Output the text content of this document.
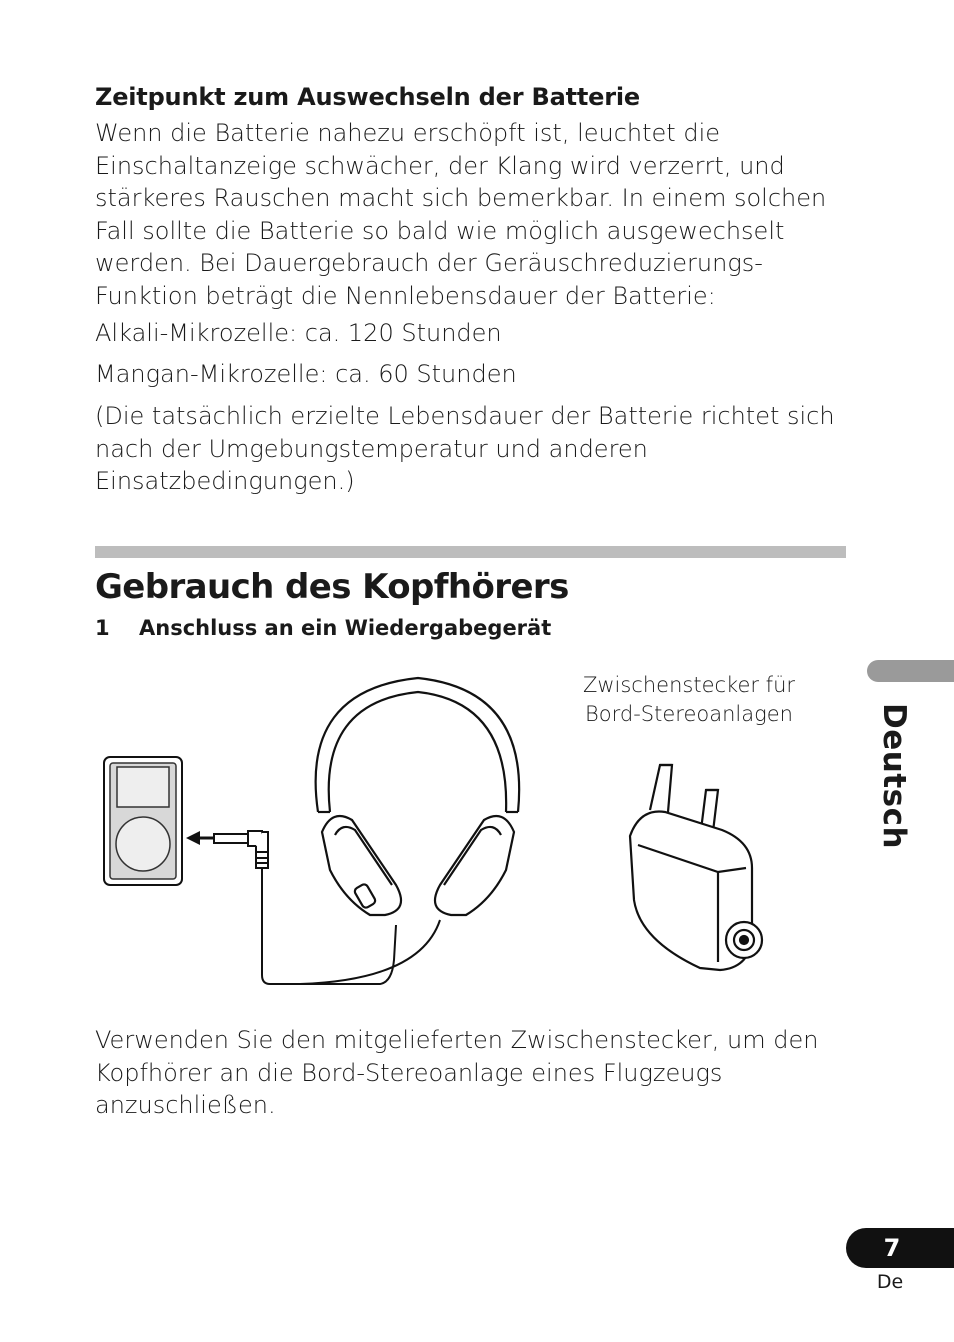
Zeitpunkt zum Auswechseln der Batterie

Wenn die Batterie nahezu erschöpft ist, leuchtet die
Einschaltanzeige schwächer, der Klang wird verzerrt, und
stärkeres Rauschen macht sich bemerkbar. In einem solchen
Fall sollte die Batterie so bald wie möglich ausgewechselt
werden. Bei Dauergebrauch der Geräuschreduzierungs-
Funktion beträgt die Nennlebensdauer der Batterie:

Alkali-Mikrozelle: ca. 120 Stunden

Mangan-Mikrozelle: ca. 60 Stunden

(Die tatsächlich erzielte Lebensdauer der Batterie richtet sich
nach der Umgebungstemperatur und anderen
Einsatzbedingungen.)

Gebrauch des Kopfhörers
1 Anschluss an ein Wiedergabegerät

Zwischenstecker für
Bord-Stereoanlagen

Verwenden Sie den mitgelieferten Zwischenstecker, um den
Kopfhörer an die Bord-Stereoanlage eines Flugzeugs
anzuschließen.

Deutsch
7
De
